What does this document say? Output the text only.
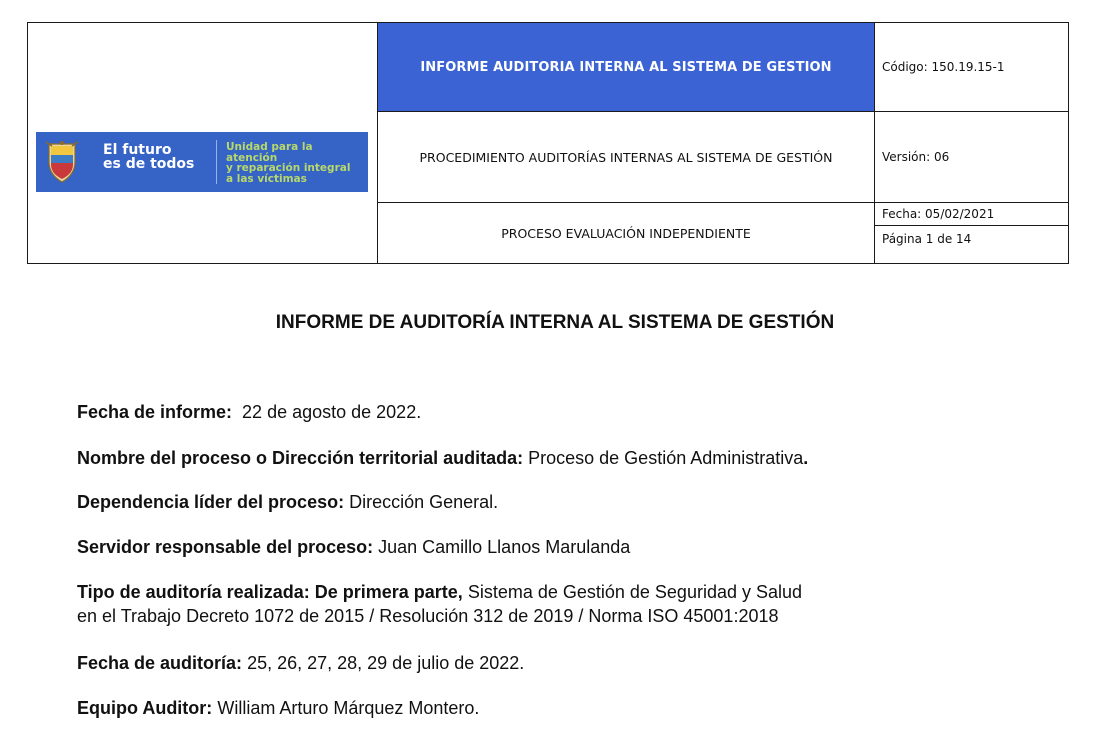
El futuro
es de todos
Unidad para la atención
y reparación integral
a las víctimas
INFORME AUDITORIA INTERNA AL SISTEMA DE GESTION
PROCEDIMIENTO AUDITORÍAS INTERNAS AL SISTEMA DE GESTIÓN
PROCESO EVALUACIÓN INDEPENDIENTE
Código: 150.19.15-1
Versión: 06
Fecha: 05/02/2021
Página 1 de 14
INFORME DE AUDITORÍA INTERNA AL SISTEMA DE GESTIÓN
Fecha de informe: 22 de agosto de 2022.
Nombre del proceso o Dirección territorial auditada: Proceso de Gestión Administrativa.
Dependencia líder del proceso: Dirección General.
Servidor responsable del proceso: Juan Camillo Llanos Marulanda
Tipo de auditoría realizada: De primera parte, Sistema de Gestión de Seguridad y Salud
en el Trabajo Decreto 1072 de 2015 / Resolución 312 de 2019 / Norma ISO 45001:2018
Fecha de auditoría: 25, 26, 27, 28, 29 de julio de 2022.
Equipo Auditor: William Arturo Márquez Montero.
